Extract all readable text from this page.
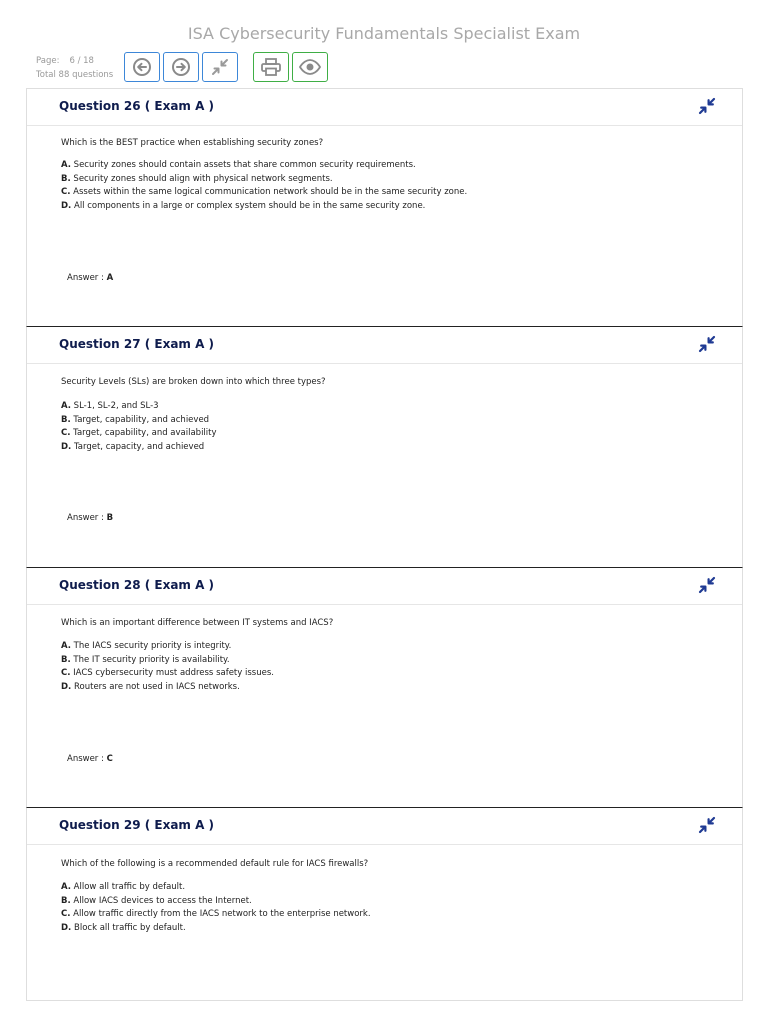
ISA Cybersecurity Fundamentals Specialist Exam
Page: 6 / 18
Total 88 questions
Question 26 ( Exam A )
Which is the BEST practice when establishing security zones?
A. Security zones should contain assets that share common security requirements.
B. Security zones should align with physical network segments.
C. Assets within the same logical communication network should be in the same security zone.
D. All components in a large or complex system should be in the same security zone.
Answer : A
Question 27 ( Exam A )
Security Levels (SLs) are broken down into which three types?
A. SL-1, SL-2, and SL-3
B. Target, capability, and achieved
C. Target, capability, and availability
D. Target, capacity, and achieved
Answer : B
Question 28 ( Exam A )
Which is an important difference between IT systems and IACS?
A. The IACS security priority is integrity.
B. The IT security priority is availability.
C. IACS cybersecurity must address safety issues.
D. Routers are not used in IACS networks.
Answer : C
Question 29 ( Exam A )
Which of the following is a recommended default rule for IACS firewalls?
A. Allow all traffic by default.
B. Allow IACS devices to access the Internet.
C. Allow traffic directly from the IACS network to the enterprise network.
D. Block all traffic by default.
